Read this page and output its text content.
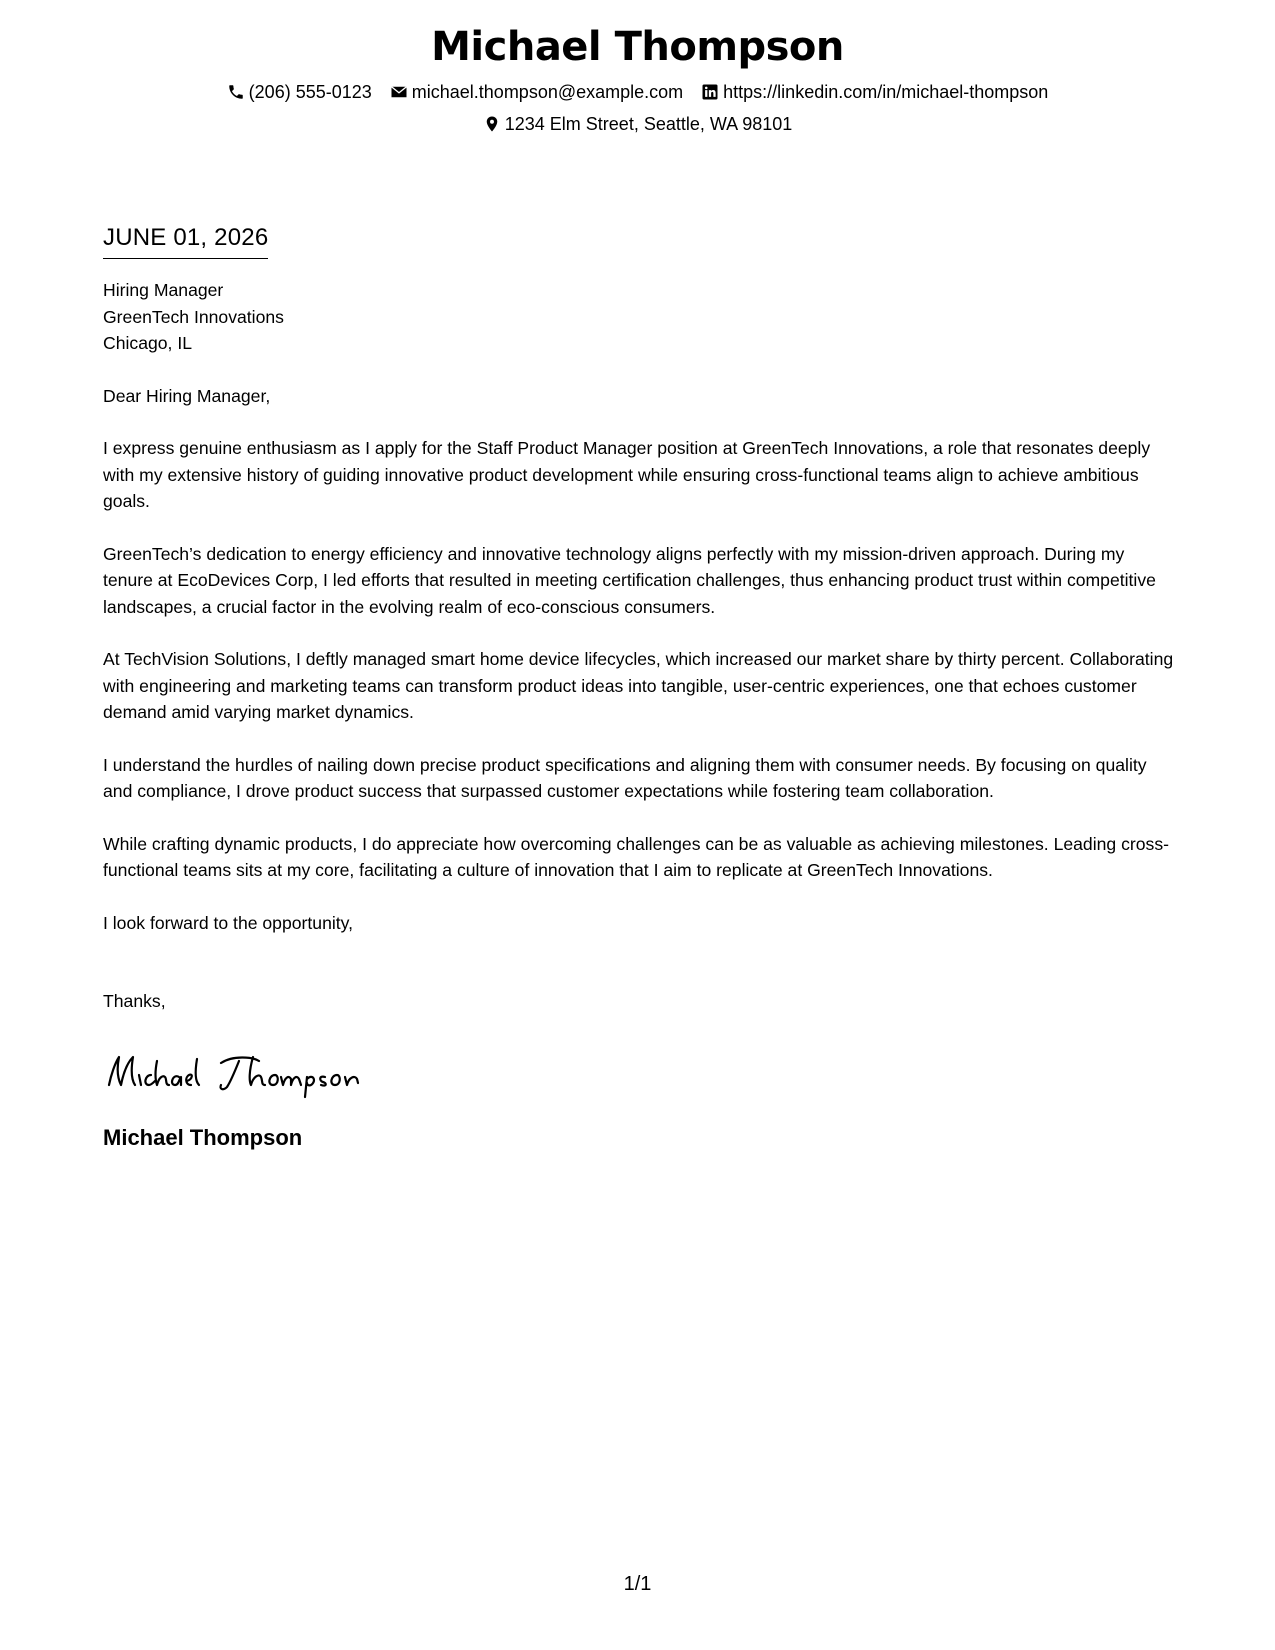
Michael Thompson
(206) 555-0123 michael.thompson@example.com https://linkedin.com/in/michael-thompson
1234 Elm Street, Seattle, WA 98101
JUNE 01, 2026
Hiring Manager
GreenTech Innovations
Chicago, IL

Dear Hiring Manager,

I express genuine enthusiasm as I apply for the Staff Product Manager position at GreenTech Innovations, a role that resonates deeply with my extensive history of guiding innovative product development while ensuring cross-functional teams align to achieve ambitious goals.

GreenTech’s dedication to energy efficiency and innovative technology aligns perfectly with my mission-driven approach. During my tenure at EcoDevices Corp, I led efforts that resulted in meeting certification challenges, thus enhancing product trust within competitive landscapes, a crucial factor in the evolving realm of eco-conscious consumers.

At TechVision Solutions, I deftly managed smart home device lifecycles, which increased our market share by thirty percent. Collaborating with engineering and marketing teams can transform product ideas into tangible, user-centric experiences, one that echoes customer demand amid varying market dynamics.

I understand the hurdles of nailing down precise product specifications and aligning them with consumer needs. By focusing on quality and compliance, I drove product success that surpassed customer expectations while fostering team collaboration.

While crafting dynamic products, I do appreciate how overcoming challenges can be as valuable as achieving milestones. Leading cross-functional teams sits at my core, facilitating a culture of innovation that I aim to replicate at GreenTech Innovations.

I look forward to the opportunity,

Thanks,

Michael Thompson
1/1
